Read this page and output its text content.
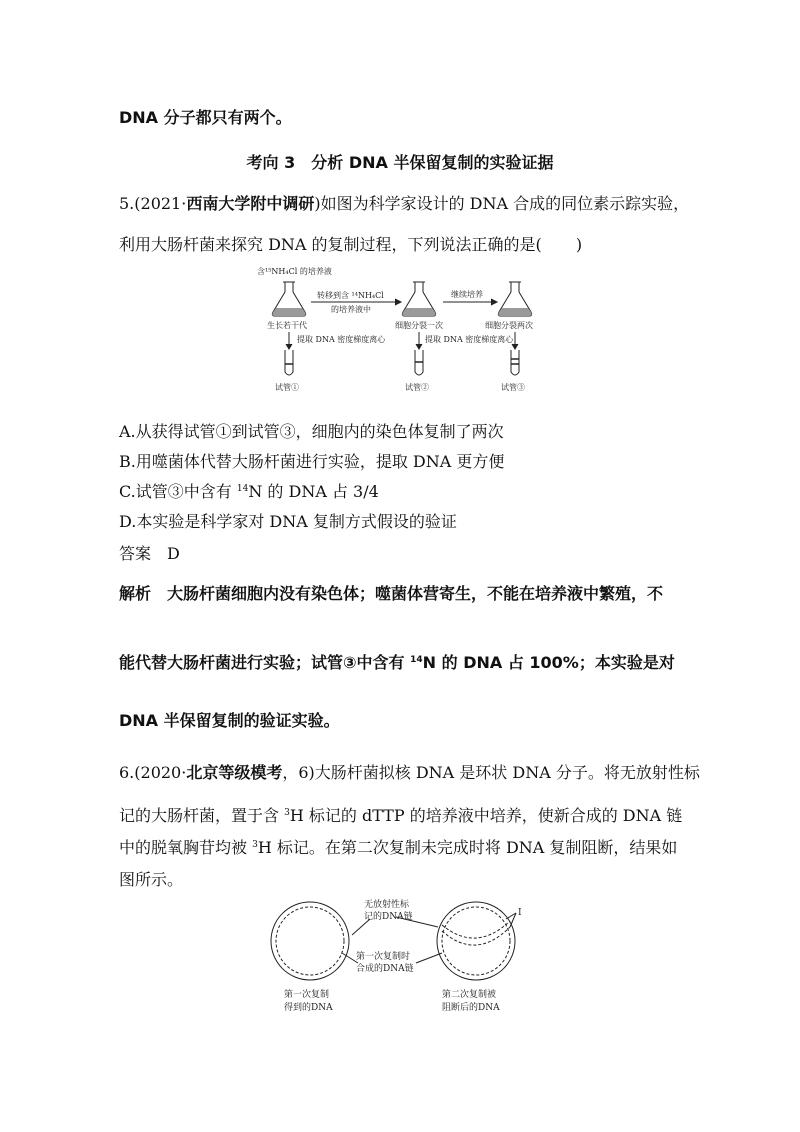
DNA 分子都只有两个。
考向 3　分析 DNA 半保留复制的实验证据
5.(2021·西南大学附中调研)如图为科学家设计的 DNA 合成的同位素示踪实验，
利用大肠杆菌来探究 DNA 的复制过程，下列说法正确的是( )
含¹⁵NH₄Cl 的培养液
转移到含 ¹⁴NH₄Cl
的培养液中
继续培养
生长若干代	细胞分裂一次	细胞分裂两次
提取 DNA 密度梯度离心	提取 DNA 密度梯度离心
试管①	试管②	试管③
A.从获得试管①到试管③，细胞内的染色体复制了两次
B.用噬菌体代替大肠杆菌进行实验，提取 DNA 更方便
C.试管③中含有 $^{14}$N 的 DNA 占 3/4
D.本实验是科学家对 DNA 复制方式假设的验证
答案　D
解析　大肠杆菌细胞内没有染色体；噬菌体营寄生，不能在培养液中繁殖，不
能代替大肠杆菌进行实验；试管③中含有 $^{14}$N 的 DNA 占 100%；本实验是对
DNA 半保留复制的验证实验。
6.(2020·北京等级模考，6)大肠杆菌拟核 DNA 是环状 DNA 分子。将无放射性标
记的大肠杆菌，置于含 $^3$H 标记的 dTTP 的培养液中培养，使新合成的 DNA 链
中的脱氧胸苷均被 $^3$H 标记。在第二次复制未完成时将 DNA 复制阻断，结果如
图所示。
无放射性标
记的DNA链
第一次复制时
合成的DNA链
I
第一次复制
得到的DNA
第二次复制被
阻断后的DNA
